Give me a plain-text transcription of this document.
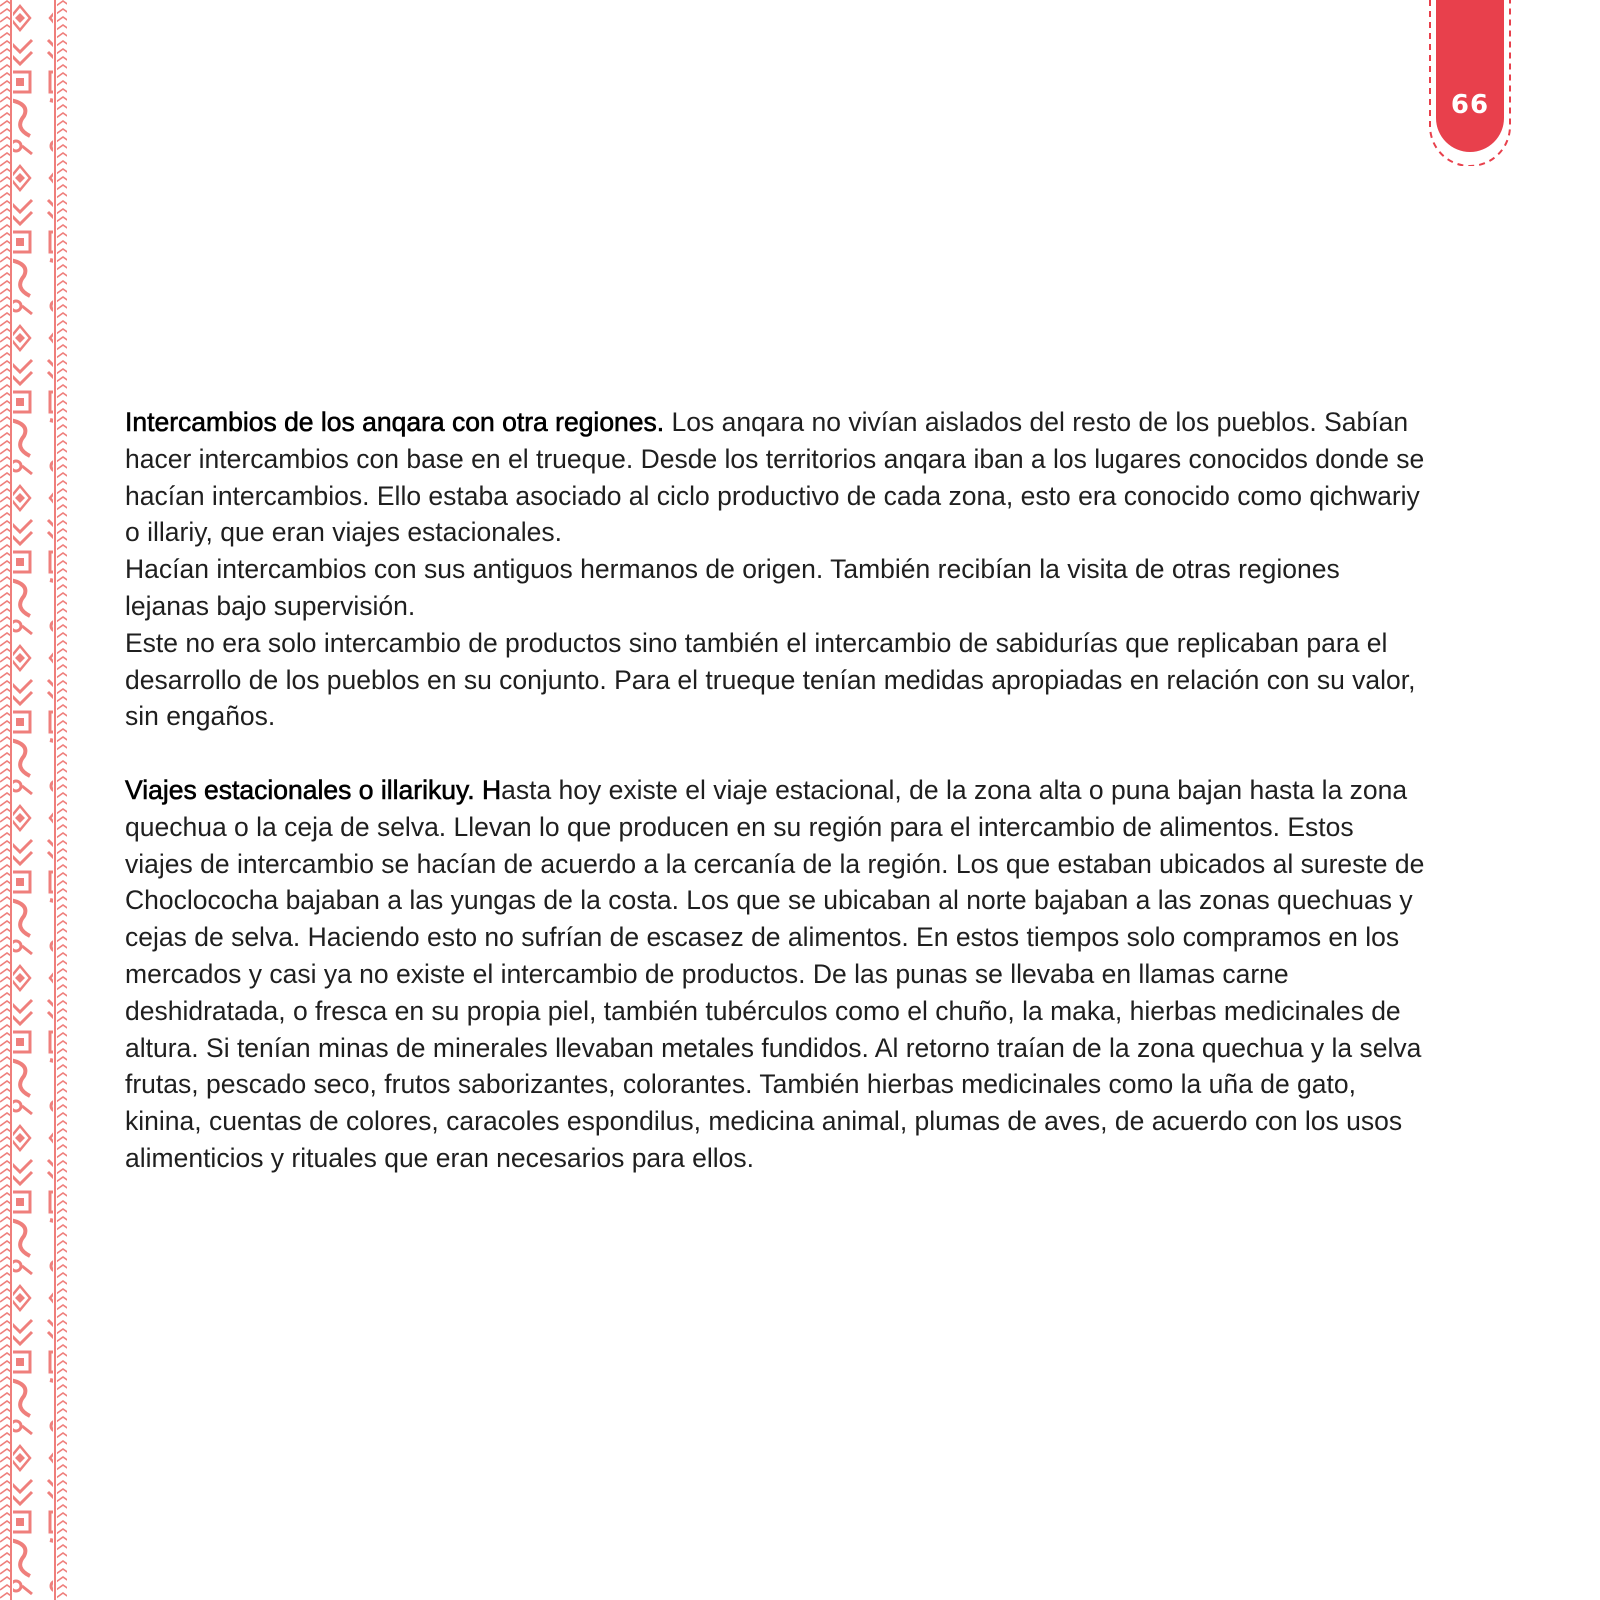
66

Intercambios de los anqara con otra regiones. Los anqara no vivían aislados del resto de los pueblos. Sabían hacer intercambios con base en el trueque. Desde los territorios anqara iban a los lugares conocidos donde se hacían intercambios. Ello estaba asociado al ciclo productivo de cada zona, esto era conocido como qichwariy o illariy, que eran viajes estacionales.

Hacían intercambios con sus antiguos hermanos de origen. También recibían la visita de otras regiones lejanas bajo supervisión.

Este no era solo intercambio de productos sino también el intercambio de sabidurías que replicaban para el desarrollo de los pueblos en su conjunto. Para el trueque tenían medidas apropiadas en relación con su valor, sin engaños.

Viajes estacionales o illarikuy. Hasta hoy existe el viaje estacional, de la zona alta o puna bajan hasta la zona quechua o la ceja de selva. Llevan lo que producen en su región para el intercambio de alimentos. Estos viajes de intercambio se hacían de acuerdo a la cercanía de la región. Los que estaban ubicados al sureste de Choclococha bajaban a las yungas de la costa. Los que se ubicaban al norte bajaban a las zonas quechuas y cejas de selva. Haciendo esto no sufrían de escasez de alimentos. En estos tiempos solo compramos en los mercados y casi ya no existe el intercambio de productos. De las punas se llevaba en llamas carne deshidratada, o fresca en su propia piel, también tubérculos como el chuño, la maka, hierbas medicinales de altura. Si tenían minas de minerales llevaban metales fundidos. Al retorno traían de la zona quechua y la selva frutas, pescado seco, frutos saborizantes, colorantes. También hierbas medicinales como la uña de gato, kinina, cuentas de colores, caracoles espondilus, medicina animal, plumas de aves, de acuerdo con los usos alimenticios y rituales que eran necesarios para ellos.
